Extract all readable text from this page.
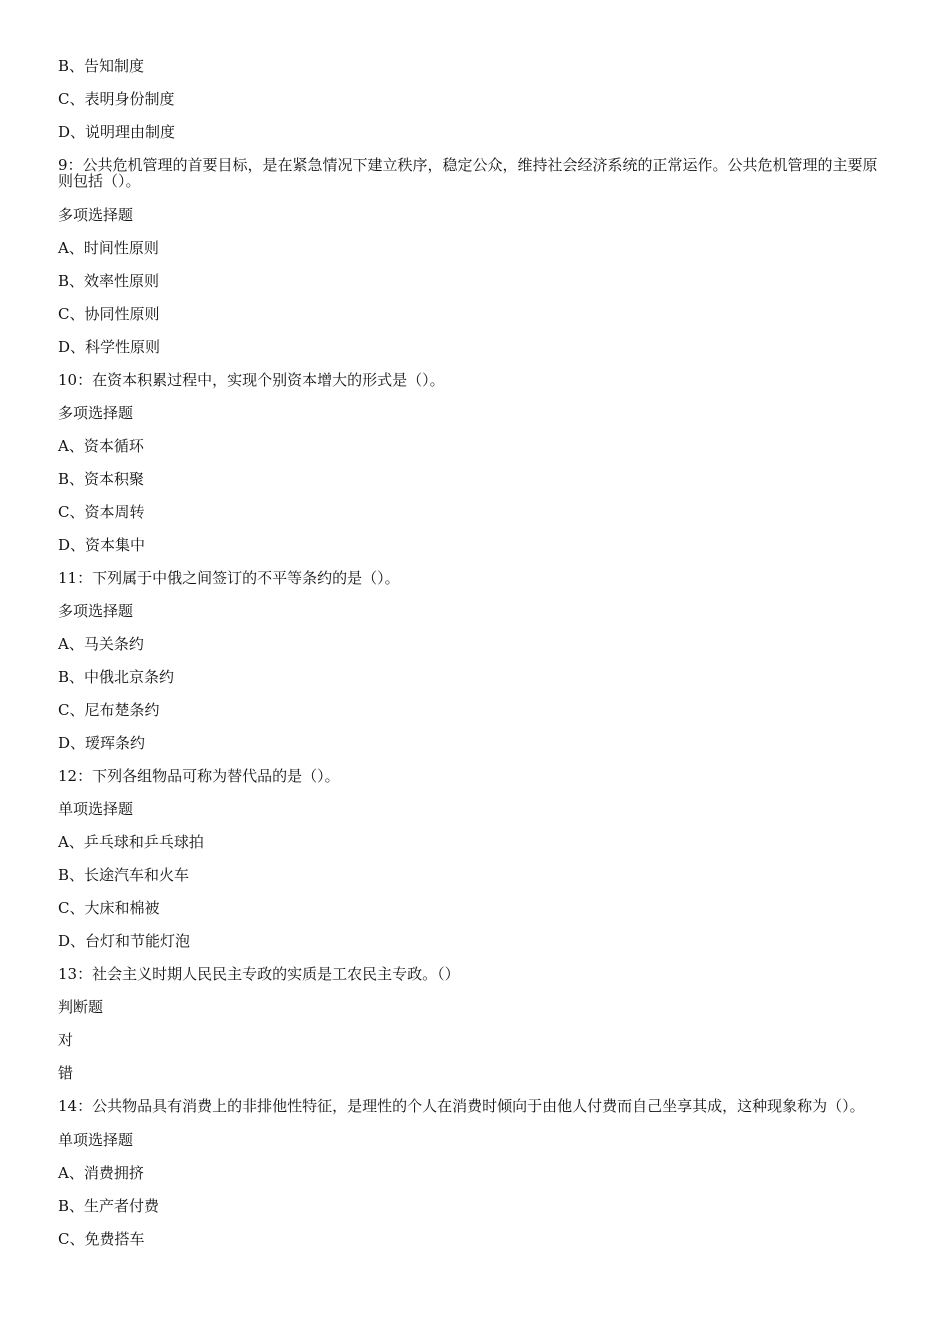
B、告知制度
C、表明身份制度
D、说明理由制度
9：公共危机管理的首要目标，是在紧急情况下建立秩序，稳定公众，维持社会经济系统的正常运作。公共危机管理的主要原则包括（）。
多项选择题
A、时间性原则
B、效率性原则
C、协同性原则
D、科学性原则
10：在资本积累过程中，实现个别资本增大的形式是（）。
多项选择题
A、资本循环
B、资本积聚
C、资本周转
D、资本集中
11：下列属于中俄之间签订的不平等条约的是（）。
多项选择题
A、马关条约
B、中俄北京条约
C、尼布楚条约
D、瑷珲条约
12：下列各组物品可称为替代品的是（）。
单项选择题
A、乒乓球和乒乓球拍
B、长途汽车和火车
C、大床和棉被
D、台灯和节能灯泡
13：社会主义时期人民民主专政的实质是工农民主专政。（）
判断题
对
错
14：公共物品具有消费上的非排他性特征，是理性的个人在消费时倾向于由他人付费而自己坐享其成，这种现象称为（）。
单项选择题
A、消费拥挤
B、生产者付费
C、免费搭车
